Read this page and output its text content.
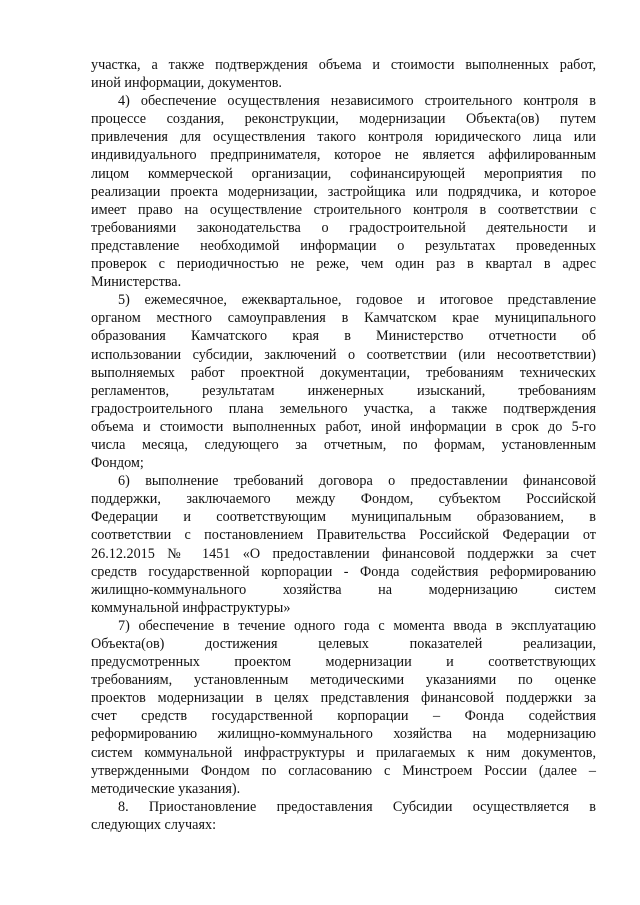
участка, а также подтверждения объема и стоимости выполненных работ,
иной информации, документов.
4) обеспечение осуществления независимого строительного контроля в
процессе создания, реконструкции, модернизации Объекта(ов) путем
привлечения для осуществления такого контроля юридического лица или
индивидуального предпринимателя, которое не является аффилированным
лицом коммерческой организации, софинансирующей мероприятия по
реализации проекта модернизации, застройщика или подрядчика, и которое
имеет право на осуществление строительного контроля в соответствии с
требованиями законодательства о градостроительной деятельности и
представление необходимой информации о результатах проведенных
проверок с периодичностью не реже, чем один раз в квартал в адрес
Министерства.
5) ежемесячное, ежеквартальное, годовое и итоговое представление
органом местного самоуправления в Камчатском крае муниципального
образования Камчатского края в Министерство отчетности об
использовании субсидии, заключений о соответствии (или несоответствии)
выполняемых работ проектной документации, требованиям технических
регламентов, результатам инженерных изысканий, требованиям
градостроительного плана земельного участка, а также подтверждения
объема и стоимости выполненных работ, иной информации в срок до 5-го
числа месяца, следующего за отчетным, по формам, установленным
Фондом;
6) выполнение требований договора о предоставлении финансовой
поддержки, заключаемого между Фондом, субъектом Российской
Федерации и соответствующим муниципальным образованием, в
соответствии с постановлением Правительства Российской Федерации от
26.12.2015 № 1451 «О предоставлении финансовой поддержки за счет
средств государственной корпорации - Фонда содействия реформированию
жилищно-коммунального хозяйства на модернизацию систем
коммунальной инфраструктуры»
7) обеспечение в течение одного года с момента ввода в эксплуатацию
Объекта(ов) достижения целевых показателей реализации,
предусмотренных проектом модернизации и соответствующих
требованиям, установленным методическими указаниями по оценке
проектов модернизации в целях представления финансовой поддержки за
счет средств государственной корпорации – Фонда содействия
реформированию жилищно-коммунального хозяйства на модернизацию
систем коммунальной инфраструктуры и прилагаемых к ним документов,
утвержденными Фондом по согласованию с Минстроем России (далее –
методические указания).
8. Приостановление предоставления Субсидии осуществляется в
следующих случаях:
